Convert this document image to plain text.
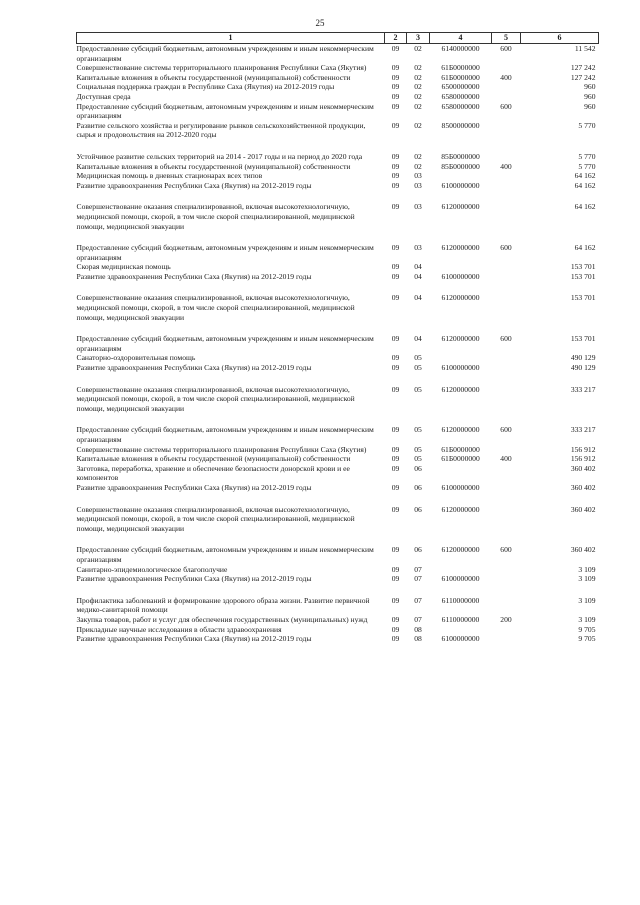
25
1	2	3	4	5	6
Предоставление субсидий бюджетным, автономным учреждениям и иным некоммерческим организациям	09	02	6140000000	600	11 542
Совершенствование системы территориального планирования Республики Саха (Якутия)	09	02	61Б0000000		127 242
Капитальные вложения в объекты государственной (муниципальной) собственности	09	02	61Б0000000	400	127 242
Социальная поддержка граждан в Республике Саха (Якутия) на 2012-2019 годы	09	02	6500000000		960
Доступная среда	09	02	6580000000		960
Предоставление субсидий бюджетным, автономным учреждениям и иным некоммерческим организациям	09	02	6580000000	600	960
Развитие сельского хозяйства и регулирование рынков сельскохозяйственной продукции, сырья и продовольствия на 2012-2020 годы	09	02	8500000000		5 770
Устойчивое развитие сельских территорий на 2014 - 2017 годы и на период до 2020 года	09	02	85Б0000000		5 770
Капитальные вложения в объекты государственной (муниципальной) собственности	09	02	85Б0000000	400	5 770
Медицинская помощь в дневных стационарах всех типов	09	03			64 162
Развитие здравоохранения Республики Саха (Якутия) на 2012-2019 годы	09	03	6100000000		64 162
Совершенствование оказания специализированной, включая высокотехнологичную, медицинской помощи, скорой, в том числе скорой специализированной, медицинской помощи, медицинской эвакуации	09	03	6120000000		64 162
Предоставление субсидий бюджетным, автономным учреждениям и иным некоммерческим организациям	09	03	6120000000	600	64 162
Скорая медицинская помощь	09	04			153 701
Развитие здравоохранения Республики Саха (Якутия) на 2012-2019 годы	09	04	6100000000		153 701
Совершенствование оказания специализированной, включая высокотехнологичную, медицинской помощи, скорой, в том числе скорой специализированной, медицинской помощи, медицинской эвакуации	09	04	6120000000		153 701
Предоставление субсидий бюджетным, автономным учреждениям и иным некоммерческим организациям	09	04	6120000000	600	153 701
Санаторно-оздоровительная помощь	09	05			490 129
Развитие здравоохранения Республики Саха (Якутия) на 2012-2019 годы	09	05	6100000000		490 129
Совершенствование оказания специализированной, включая высокотехнологичную, медицинской помощи, скорой, в том числе скорой специализированной, медицинской помощи, медицинской эвакуации	09	05	6120000000		333 217
Предоставление субсидий бюджетным, автономным учреждениям и иным некоммерческим организациям	09	05	6120000000	600	333 217
Совершенствование системы территориального планирования Республики Саха (Якутия)	09	05	61Б0000000		156 912
Капитальные вложения в объекты государственной (муниципальной) собственности	09	05	61Б0000000	400	156 912
Заготовка, переработка, хранение и обеспечение безопасности донорской крови и ее компонентов	09	06			360 402
Развитие здравоохранения Республики Саха (Якутия) на 2012-2019 годы	09	06	6100000000		360 402
Совершенствование оказания специализированной, включая высокотехнологичную, медицинской помощи, скорой, в том числе скорой специализированной, медицинской помощи, медицинской эвакуации	09	06	6120000000		360 402
Предоставление субсидий бюджетным, автономным учреждениям и иным некоммерческим организациям	09	06	6120000000	600	360 402
Санитарно-эпидемиологическое благополучие	09	07			3 109
Развитие здравоохранения Республики Саха (Якутия) на 2012-2019 годы	09	07	6100000000		3 109
Профилактика заболеваний и формирование здорового образа жизни. Развитие первичной медико-санитарной помощи	09	07	6110000000		3 109
Закупка товаров, работ и услуг для обеспечения государственных (муниципальных) нужд	09	07	6110000000	200	3 109
Прикладные научные исследования в области здравоохранения	09	08			9 705
Развитие здравоохранения Республики Саха (Якутия) на 2012-2019 годы	09	08	6100000000		9 705
